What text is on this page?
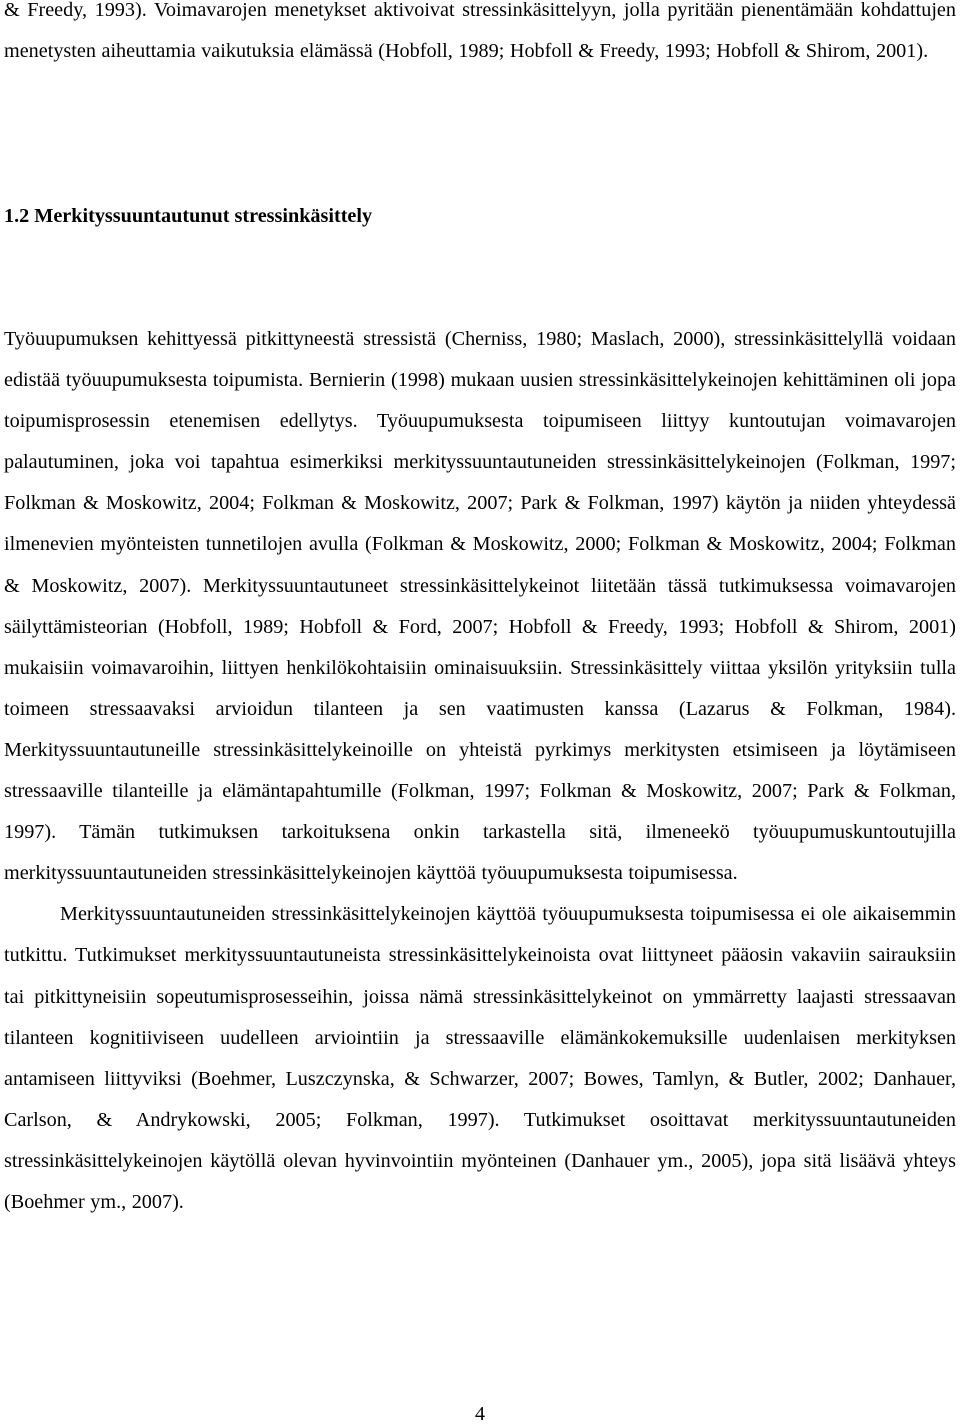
& Freedy, 1993). Voimavarojen menetykset aktivoivat stressinkäsittelyyn, jolla pyritään pienentämään kohdattujen menetysten aiheuttamia vaikutuksia elämässä (Hobfoll, 1989; Hobfoll & Freedy, 1993; Hobfoll & Shirom, 2001).

1.2 Merkityssuuntautunut stressinkäsittely

Työuupumuksen kehittyessä pitkittyneestä stressistä (Cherniss, 1980; Maslach, 2000), stressinkäsittelyllä voidaan edistää työuupumuksesta toipumista. Bernierin (1998) mukaan uusien stressinkäsittelykeinojen kehittäminen oli jopa toipumisprosessin etenemisen edellytys. Työuupumuksesta toipumiseen liittyy kuntoutujan voimavarojen palautuminen, joka voi tapahtua esimerkiksi merkityssuuntautuneiden stressinkäsittelykeinojen (Folkman, 1997; Folkman & Moskowitz, 2004; Folkman & Moskowitz, 2007; Park & Folkman, 1997) käytön ja niiden yhteydessä ilmenevien myönteisten tunnetilojen avulla (Folkman & Moskowitz, 2000; Folkman & Moskowitz, 2004; Folkman & Moskowitz, 2007). Merkityssuuntautuneet stressinkäsittelykeinot liitetään tässä tutkimuksessa voimavarojen säilyttämisteorian (Hobfoll, 1989; Hobfoll & Ford, 2007; Hobfoll & Freedy, 1993; Hobfoll & Shirom, 2001) mukaisiin voimavaroihin, liittyen henkilökohtaisiin ominaisuuksiin. Stressinkäsittely viittaa yksilön yrityksiin tulla toimeen stressaavaksi arvioidun tilanteen ja sen vaatimusten kanssa (Lazarus & Folkman, 1984). Merkityssuuntautuneille stressinkäsittelykeinoille on yhteistä pyrkimys merkitysten etsimiseen ja löytämiseen stressaaville tilanteille ja elämäntapahtumille (Folkman, 1997; Folkman & Moskowitz, 2007; Park & Folkman, 1997). Tämän tutkimuksen tarkoituksena onkin tarkastella sitä, ilmeneekö työuupumuskuntoutujilla merkityssuuntautuneiden stressinkäsittelykeinojen käyttöä työuupumuksesta toipumisessa.

Merkityssuuntautuneiden stressinkäsittelykeinojen käyttöä työuupumuksesta toipumisessa ei ole aikaisemmin tutkittu. Tutkimukset merkityssuuntautuneista stressinkäsittelykeinoista ovat liittyneet pääosin vakaviin sairauksiin tai pitkittyneisiin sopeutumisprosesseihin, joissa nämä stressinkäsittelykeinot on ymmärretty laajasti stressaavan tilanteen kognitiiviseen uudelleen arviointiin ja stressaaville elämänkokemuksille uudenlaisen merkityksen antamiseen liittyviksi (Boehmer, Luszczynska, & Schwarzer, 2007; Bowes, Tamlyn, & Butler, 2002; Danhauer, Carlson, & Andrykowski, 2005; Folkman, 1997). Tutkimukset osoittavat merkityssuuntautuneiden stressinkäsittelykeinojen käytöllä olevan hyvinvointiin myönteinen (Danhauer ym., 2005), jopa sitä lisäävä yhteys (Boehmer ym., 2007).

4
